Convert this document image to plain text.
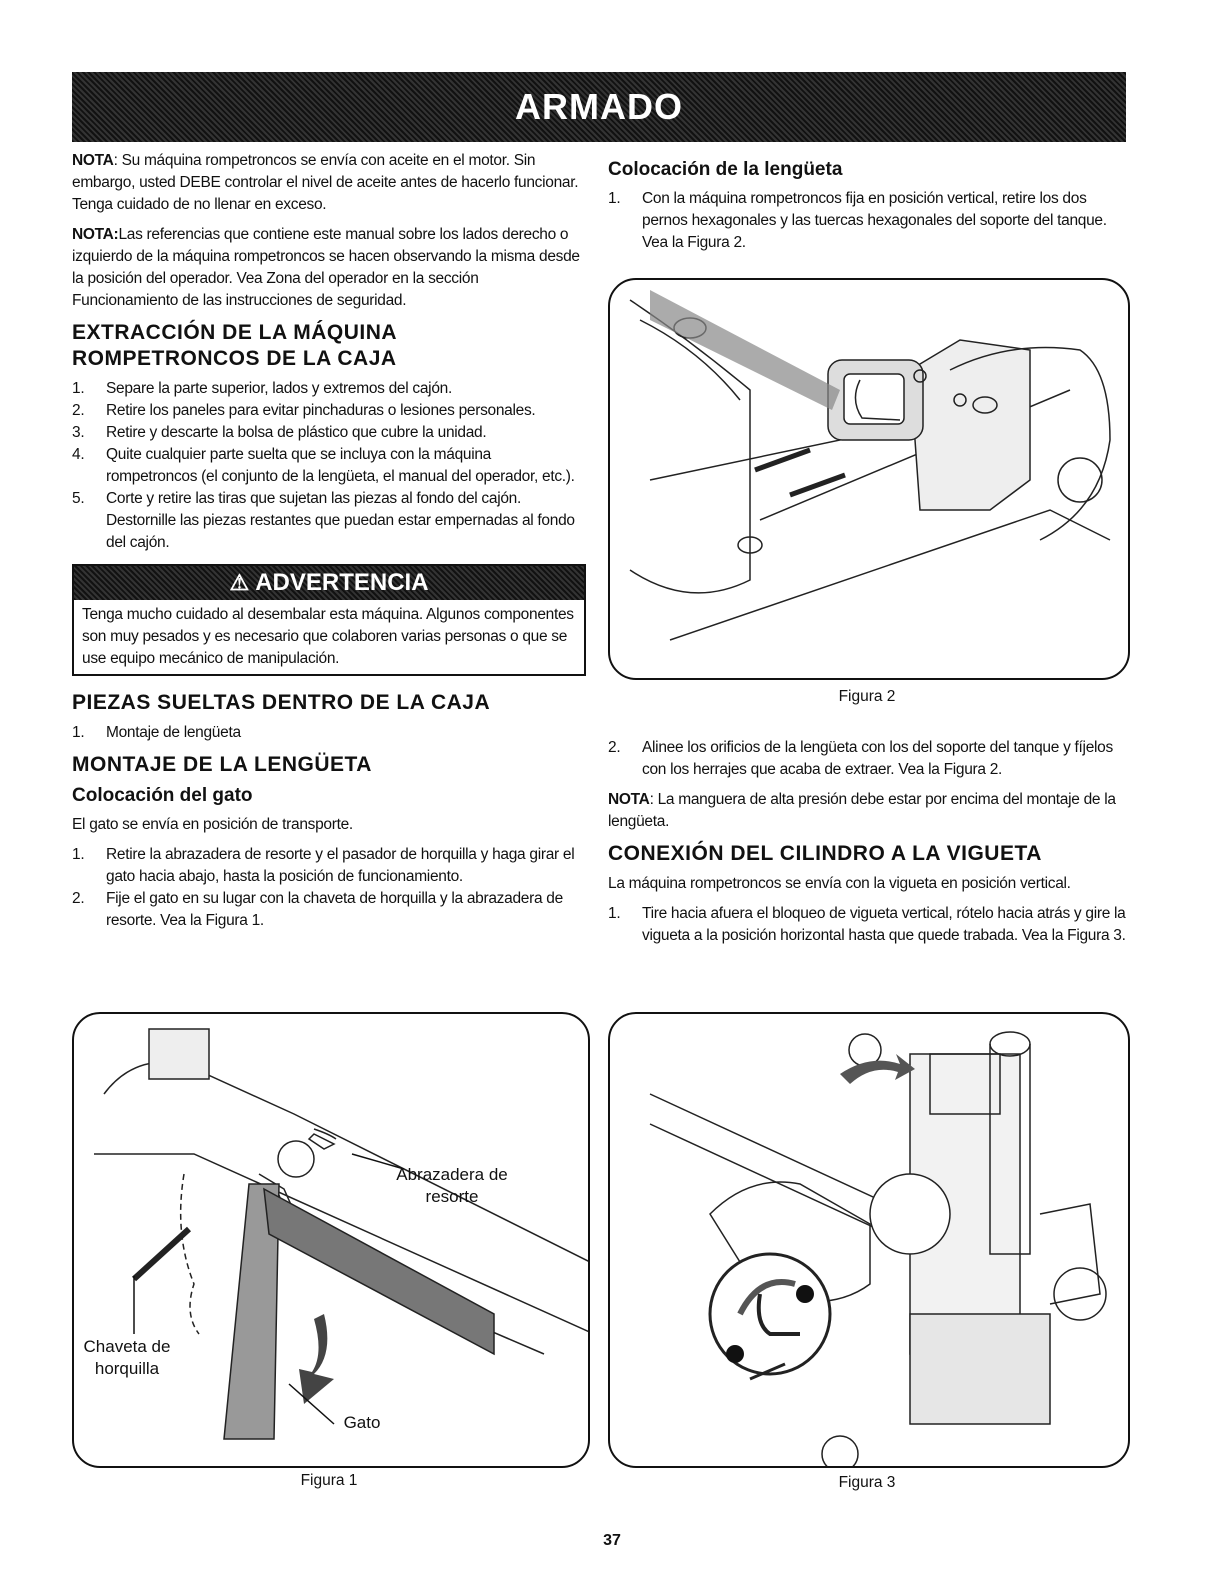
ARMADO

NOTA: Su máquina rompetroncos se envía con aceite en el motor. Sin embargo, usted DEBE controlar el nivel de aceite antes de hacerlo funcionar. Tenga cuidado de no llenar en exceso.

NOTA:Las referencias que contiene este manual sobre los lados derecho o izquierdo de la máquina rompetroncos se hacen observando la misma desde la posición del operador. Vea Zona del operador en la sección Funcionamiento de las instrucciones de seguridad.

EXTRACCIÓN DE LA MÁQUINA ROMPETRONCOS DE LA CAJA
1. Separe la parte superior, lados y extremos del cajón.
2. Retire los paneles para evitar pinchaduras o lesiones personales.
3. Retire y descarte la bolsa de plástico que cubre la unidad.
4. Quite cualquier parte suelta que se incluya con la máquina rompetroncos (el conjunto de la lengüeta, el manual del operador, etc.).
5. Corte y retire las tiras que sujetan las piezas al fondo del cajón. Destornille las piezas restantes que puedan estar empernadas al fondo del cajón.
⚠ ADVERTENCIA
Tenga mucho cuidado al desembalar esta máquina. Algunos componentes son muy pesados y es necesario que colaboren varias personas o que se use equipo mecánico de manipulación.
PIEZAS SUELTAS DENTRO DE LA CAJA
1. Montaje de lengüeta
MONTAJE DE LA LENGÜETA
Colocación del gato

El gato se envía en posición de transporte.

1. Retire la abrazadera de resorte y el pasador de horquilla y haga girar el gato hacia abajo, hasta la posición de funcionamiento.
2. Fije el gato en su lugar con la chaveta de horquilla y la abrazadera de resorte. Vea la Figura 1.
Colocación de la lengüeta
1. Con la máquina rompetroncos fija en posición vertical, retire los dos pernos hexagonales y las tuercas hexagonales del soporte del tanque. Vea la Figura 2.
2. Alinee los orificios de la lengüeta con los del soporte del tanque y fíjelos con los herrajes que acaba de extraer. Vea la Figura 2.

NOTA: La manguera de alta presión debe estar por encima del montaje de la lengüeta.

CONEXIÓN DEL CILINDRO A LA VIGUETA

La máquina rompetroncos se envía con la vigueta en posición vertical.

1. Tire hacia afuera el bloqueo de vigueta vertical, rótelo hacia atrás y gire la vigueta a la posición horizontal hasta que quede trabada. Vea la Figura 3.
Figura 2
Abrazadera de resorte
Chaveta de horquilla
Gato
Figura 1	Figura 3
37
